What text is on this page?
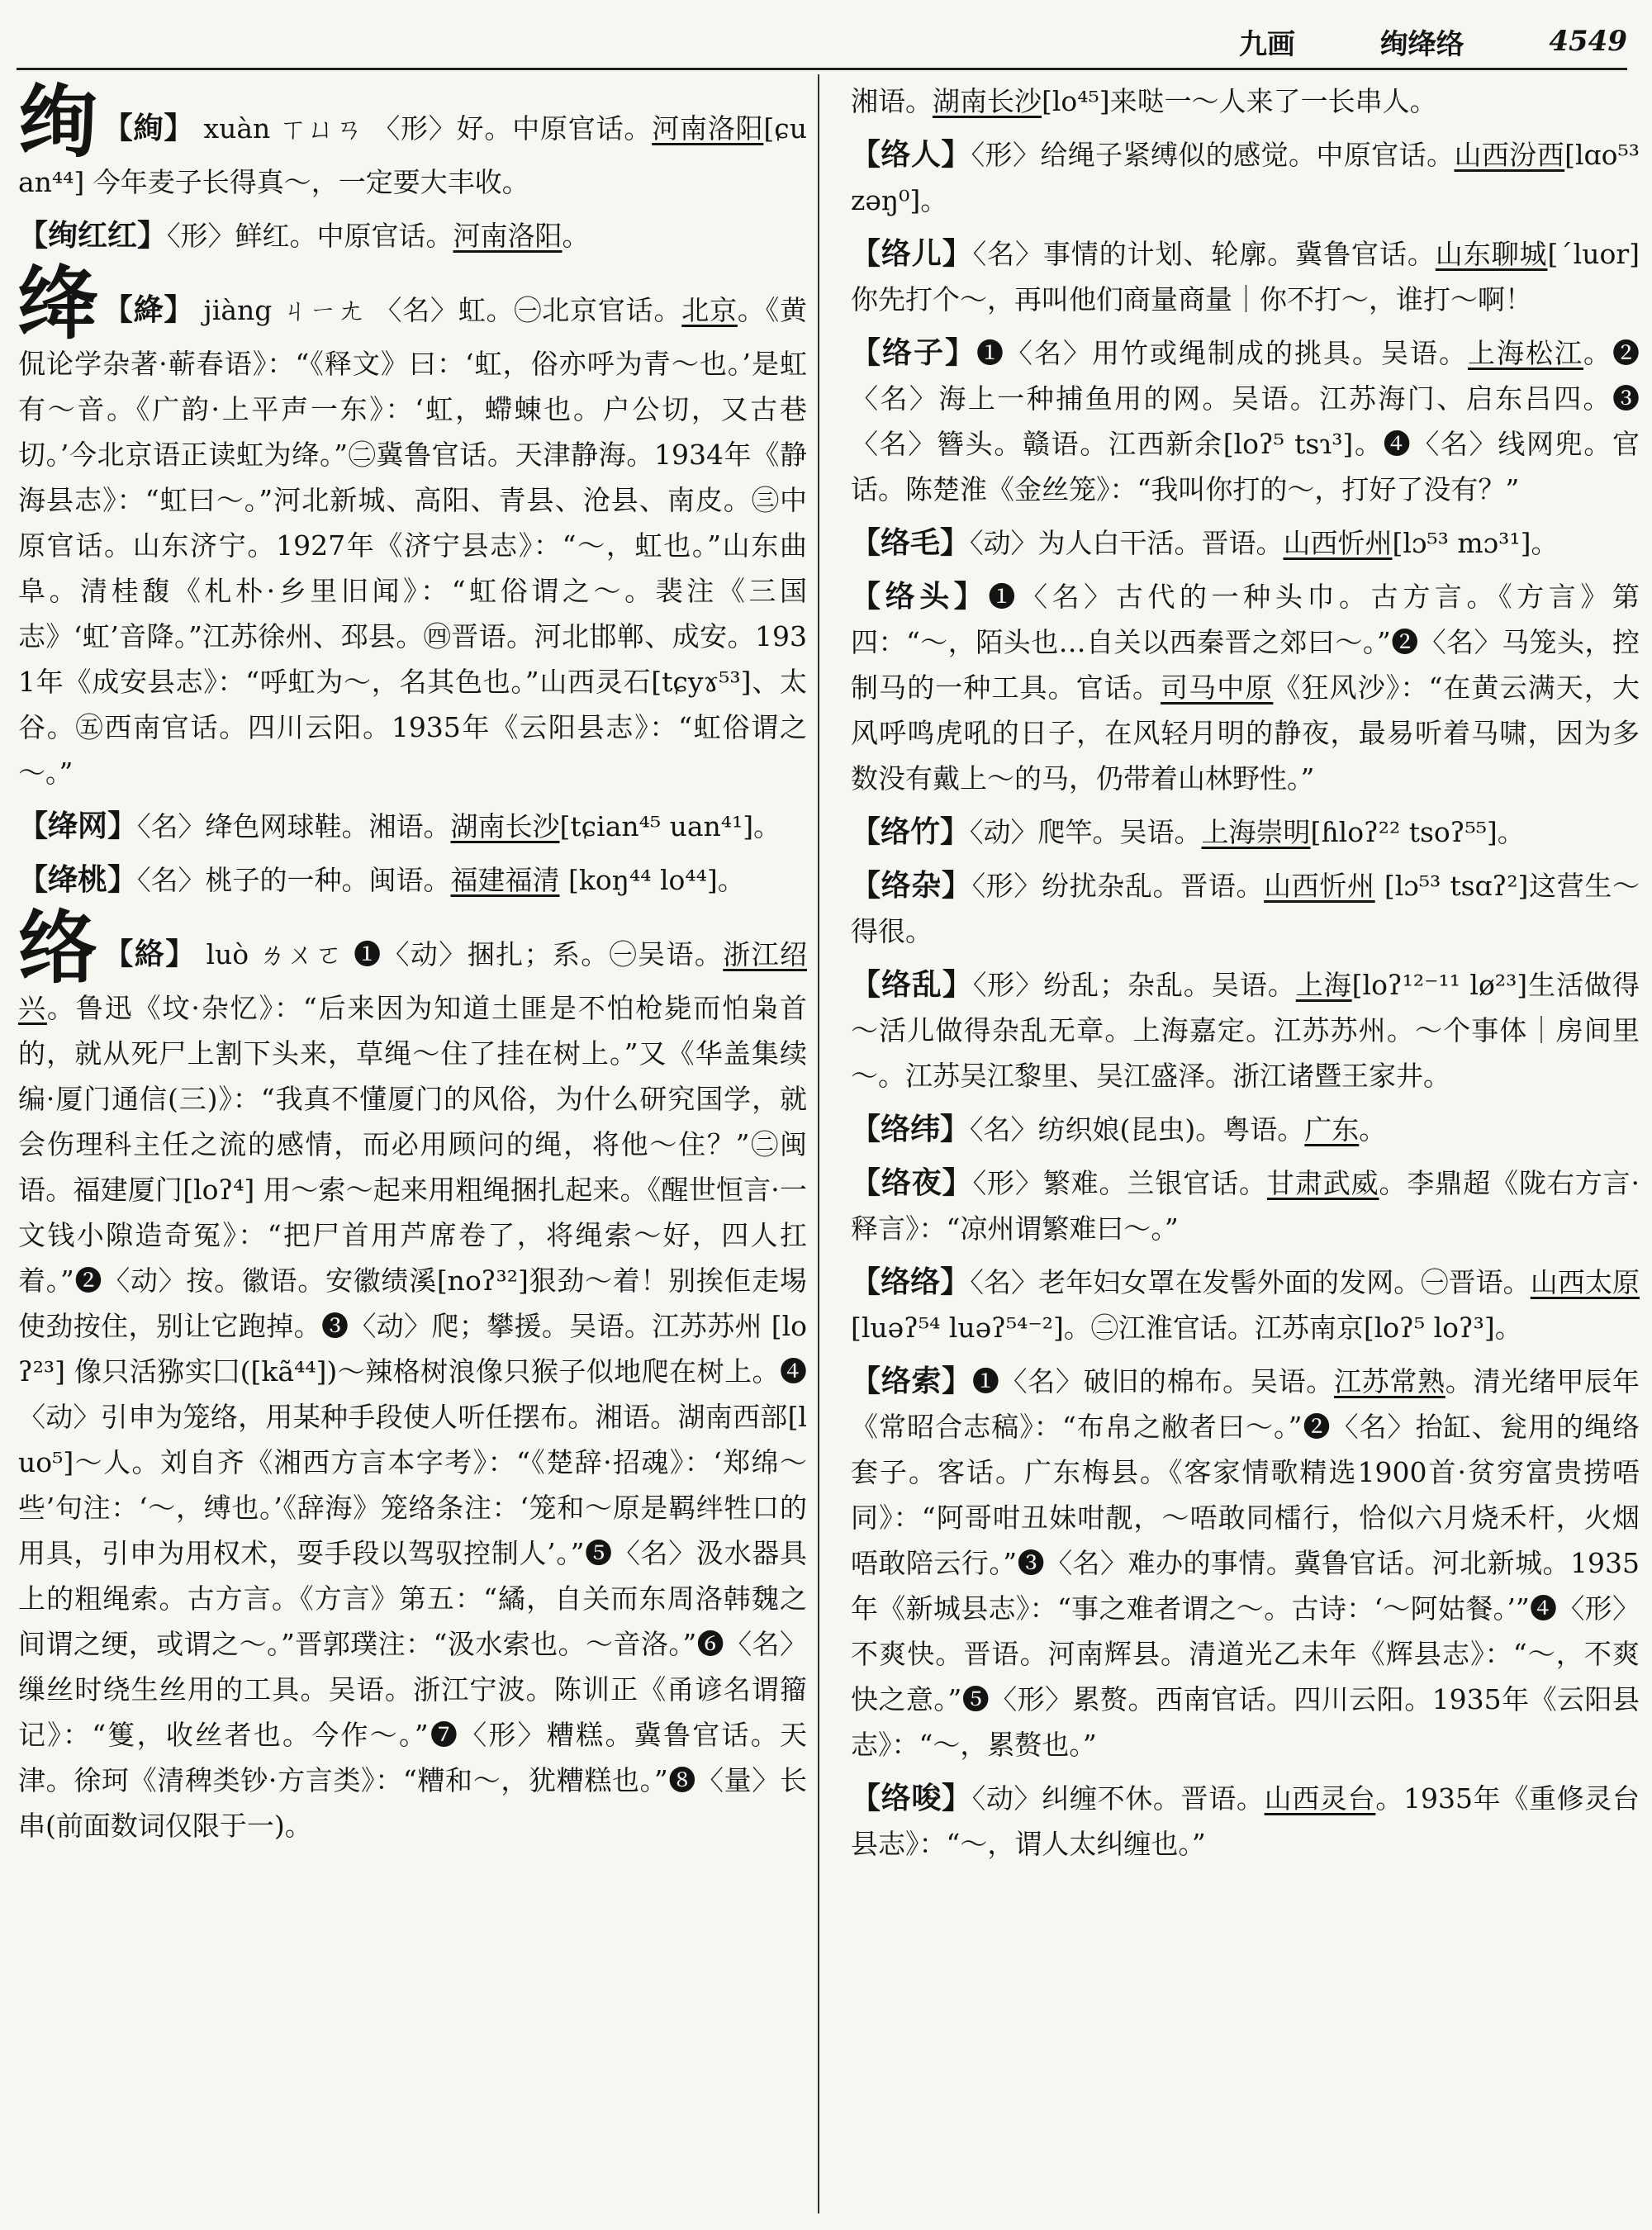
九画	绚绛络	4549

绚 【絢】 xuàn ㄒㄩㄢ 〈形〉好。中原官话。河南洛阳[ɕuan⁴⁴] 今年麦子长得真～，一定要大丰收。

【绚红红】〈形〉鲜红。中原官话。河南洛阳。

绛 【絳】 jiàng ㄐㄧㄤ 〈名〉虹。㊀北京官话。北京。《黄侃论学杂著·蕲春语》：“《释文》曰：‘虹，俗亦呼为青～也。’是虹有～音。《广韵·上平声一东》：‘虹，螮蝀也。户公切，又古巷切。’今北京语正读虹为绛。”㊁冀鲁官话。天津静海。1934年《静海县志》：“虹曰～。”河北新城、高阳、青县、沧县、南皮。㊂中原官话。山东济宁。1927年《济宁县志》：“～，虹也。”山东曲阜。清桂馥《札朴·乡里旧闻》：“虹俗谓之～。裴注《三国志》‘虹’音降。”江苏徐州、邳县。㊃晋语。河北邯郸、成安。1931年《成安县志》：“呼虹为～，名其色也。”山西灵石[tɕyɤ⁵³]、太谷。㊄西南官话。四川云阳。1935年《云阳县志》：“虹俗谓之～。”

【绛网】〈名〉绛色网球鞋。湘语。湖南长沙[tɕian⁴⁵ uan⁴¹]。

【绛桃】〈名〉桃子的一种。闽语。福建福清 [koŋ⁴⁴ lo⁴⁴]。

络 【絡】 luò ㄌㄨㄛ ❶〈动〉捆扎；系。㊀吴语。浙江绍兴。鲁迅《坟·杂忆》：“后来因为知道土匪是不怕枪毙而怕枭首的，就从死尸上割下头来，草绳～住了挂在树上。”又《华盖集续编·厦门通信(三)》：“我真不懂厦门的风俗，为什么研究国学，就会伤理科主任之流的感情，而必用顾问的绳，将他～住？”㊁闽语。福建厦门[loʔ⁴] 用～索～起来用粗绳捆扎起来。《醒世恒言·一文钱小隙造奇冤》：“把尸首用芦席卷了，将绳索～好，四人扛着。”❷〈动〉按。徽语。安徽绩溪[noʔ³²]狠劲～着！别挨佢走埸使劲按住，别让它跑掉。❸〈动〉爬；攀援。吴语。江苏苏州 [loʔ²³] 像只活猕实囗([kã⁴⁴])～辣格树浪像只猴子似地爬在树上。❹〈动〉引申为笼络，用某种手段使人听任摆布。湘语。湖南西部[luo⁵]～人。刘自齐《湘西方言本字考》：“《楚辞·招魂》：‘郑绵～些’句注：‘～，缚也。’《辞海》笼络条注：‘笼和～原是羁绊牲口的用具，引申为用权术，耍手段以驾驭控制人’。”❺〈名〉汲水器具上的粗绳索。古方言。《方言》第五：“繘，自关而东周洛韩魏之间谓之绠，或谓之～。”晋郭璞注：“汲水索也。～音洛。”❻〈名〉缫丝时绕生丝用的工具。吴语。浙江宁波。陈训正《甬谚名谓籀记》：“篗，收丝者也。今作～。”❼〈形〉糟糕。冀鲁官话。天津。徐珂《清稗类钞·方言类》：“糟和～，犹糟糕也。”❽〈量〉长串(前面数词仅限于一)。

湘语。湖南长沙[lo⁴⁵]来哒一～人来了一长串人。

【络人】〈形〉给绳子紧缚似的感觉。中原官话。山西汾西[lɑo⁵³ zəŋ⁰]。

【络儿】〈名〉事情的计划、轮廓。冀鲁官话。山东聊城[ˊluor]你先打个～，再叫他们商量商量｜你不打～，谁打～啊！

【络子】❶〈名〉用竹或绳制成的挑具。吴语。上海松江。❷〈名〉海上一种捕鱼用的网。吴语。江苏海门、启东吕四。❸〈名〉簪头。赣语。江西新余[loʔ⁵ tsɿ³]。❹〈名〉线网兜。官话。陈楚淮《金丝笼》：“我叫你打的～，打好了没有？”

【络毛】〈动〉为人白干活。晋语。山西忻州[lɔ⁵³ mɔ³¹]。

【络头】❶〈名〉古代的一种头巾。古方言。《方言》第四：“～，陌头也…自关以西秦晋之郊曰～。”❷〈名〉马笼头，控制马的一种工具。官话。司马中原《狂风沙》：“在黄云满天，大风呼鸣虎吼的日子，在风轻月明的静夜，最易听着马啸，因为多数没有戴上～的马，仍带着山林野性。”

【络竹】〈动〉爬竿。吴语。上海崇明[ɦloʔ²² tsoʔ⁵⁵]。

【络杂】〈形〉纷扰杂乱。晋语。山西忻州 [lɔ⁵³ tsɑʔ²]这营生～得很。

【络乱】〈形〉纷乱；杂乱。吴语。上海[loʔ¹²⁻¹¹ lø²³]生活做得～活儿做得杂乱无章。上海嘉定。江苏苏州。～个事体｜房间里～。江苏吴江黎里、吴江盛泽。浙江诸暨王家井。

【络纬】〈名〉纺织娘(昆虫)。粤语。广东。

【络夜】〈形〉繁难。兰银官话。甘肃武威。李鼎超《陇右方言·释言》：“凉州谓繁难曰～。”

【络络】〈名〉老年妇女罩在发髻外面的发网。㊀晋语。山西太原[luəʔ⁵⁴ luəʔ⁵⁴⁻²]。㊁江淮官话。江苏南京[loʔ⁵ loʔ³]。

【络索】❶〈名〉破旧的棉布。吴语。江苏常熟。清光绪甲辰年《常昭合志稿》：“布帛之敝者曰～。”❷〈名〉抬缸、瓮用的绳络套子。客话。广东梅县。《客家情歌精选1900首·贫穷富贵捞唔同》：“阿哥咁丑妹咁靓，～唔敢同檑行，恰似六月烧禾杆，火烟唔敢陪云行。”❸〈名〉难办的事情。冀鲁官话。河北新城。1935年《新城县志》：“事之难者谓之～。古诗：‘～阿姑餐。’”❹〈形〉不爽快。晋语。河南辉县。清道光乙未年《辉县志》：“～，不爽快之意。”❺〈形〉累赘。西南官话。四川云阳。1935年《云阳县志》：“～，累赘也。”

【络唆】〈动〉纠缠不休。晋语。山西灵台。1935年《重修灵台县志》：“～，谓人太纠缠也。”
